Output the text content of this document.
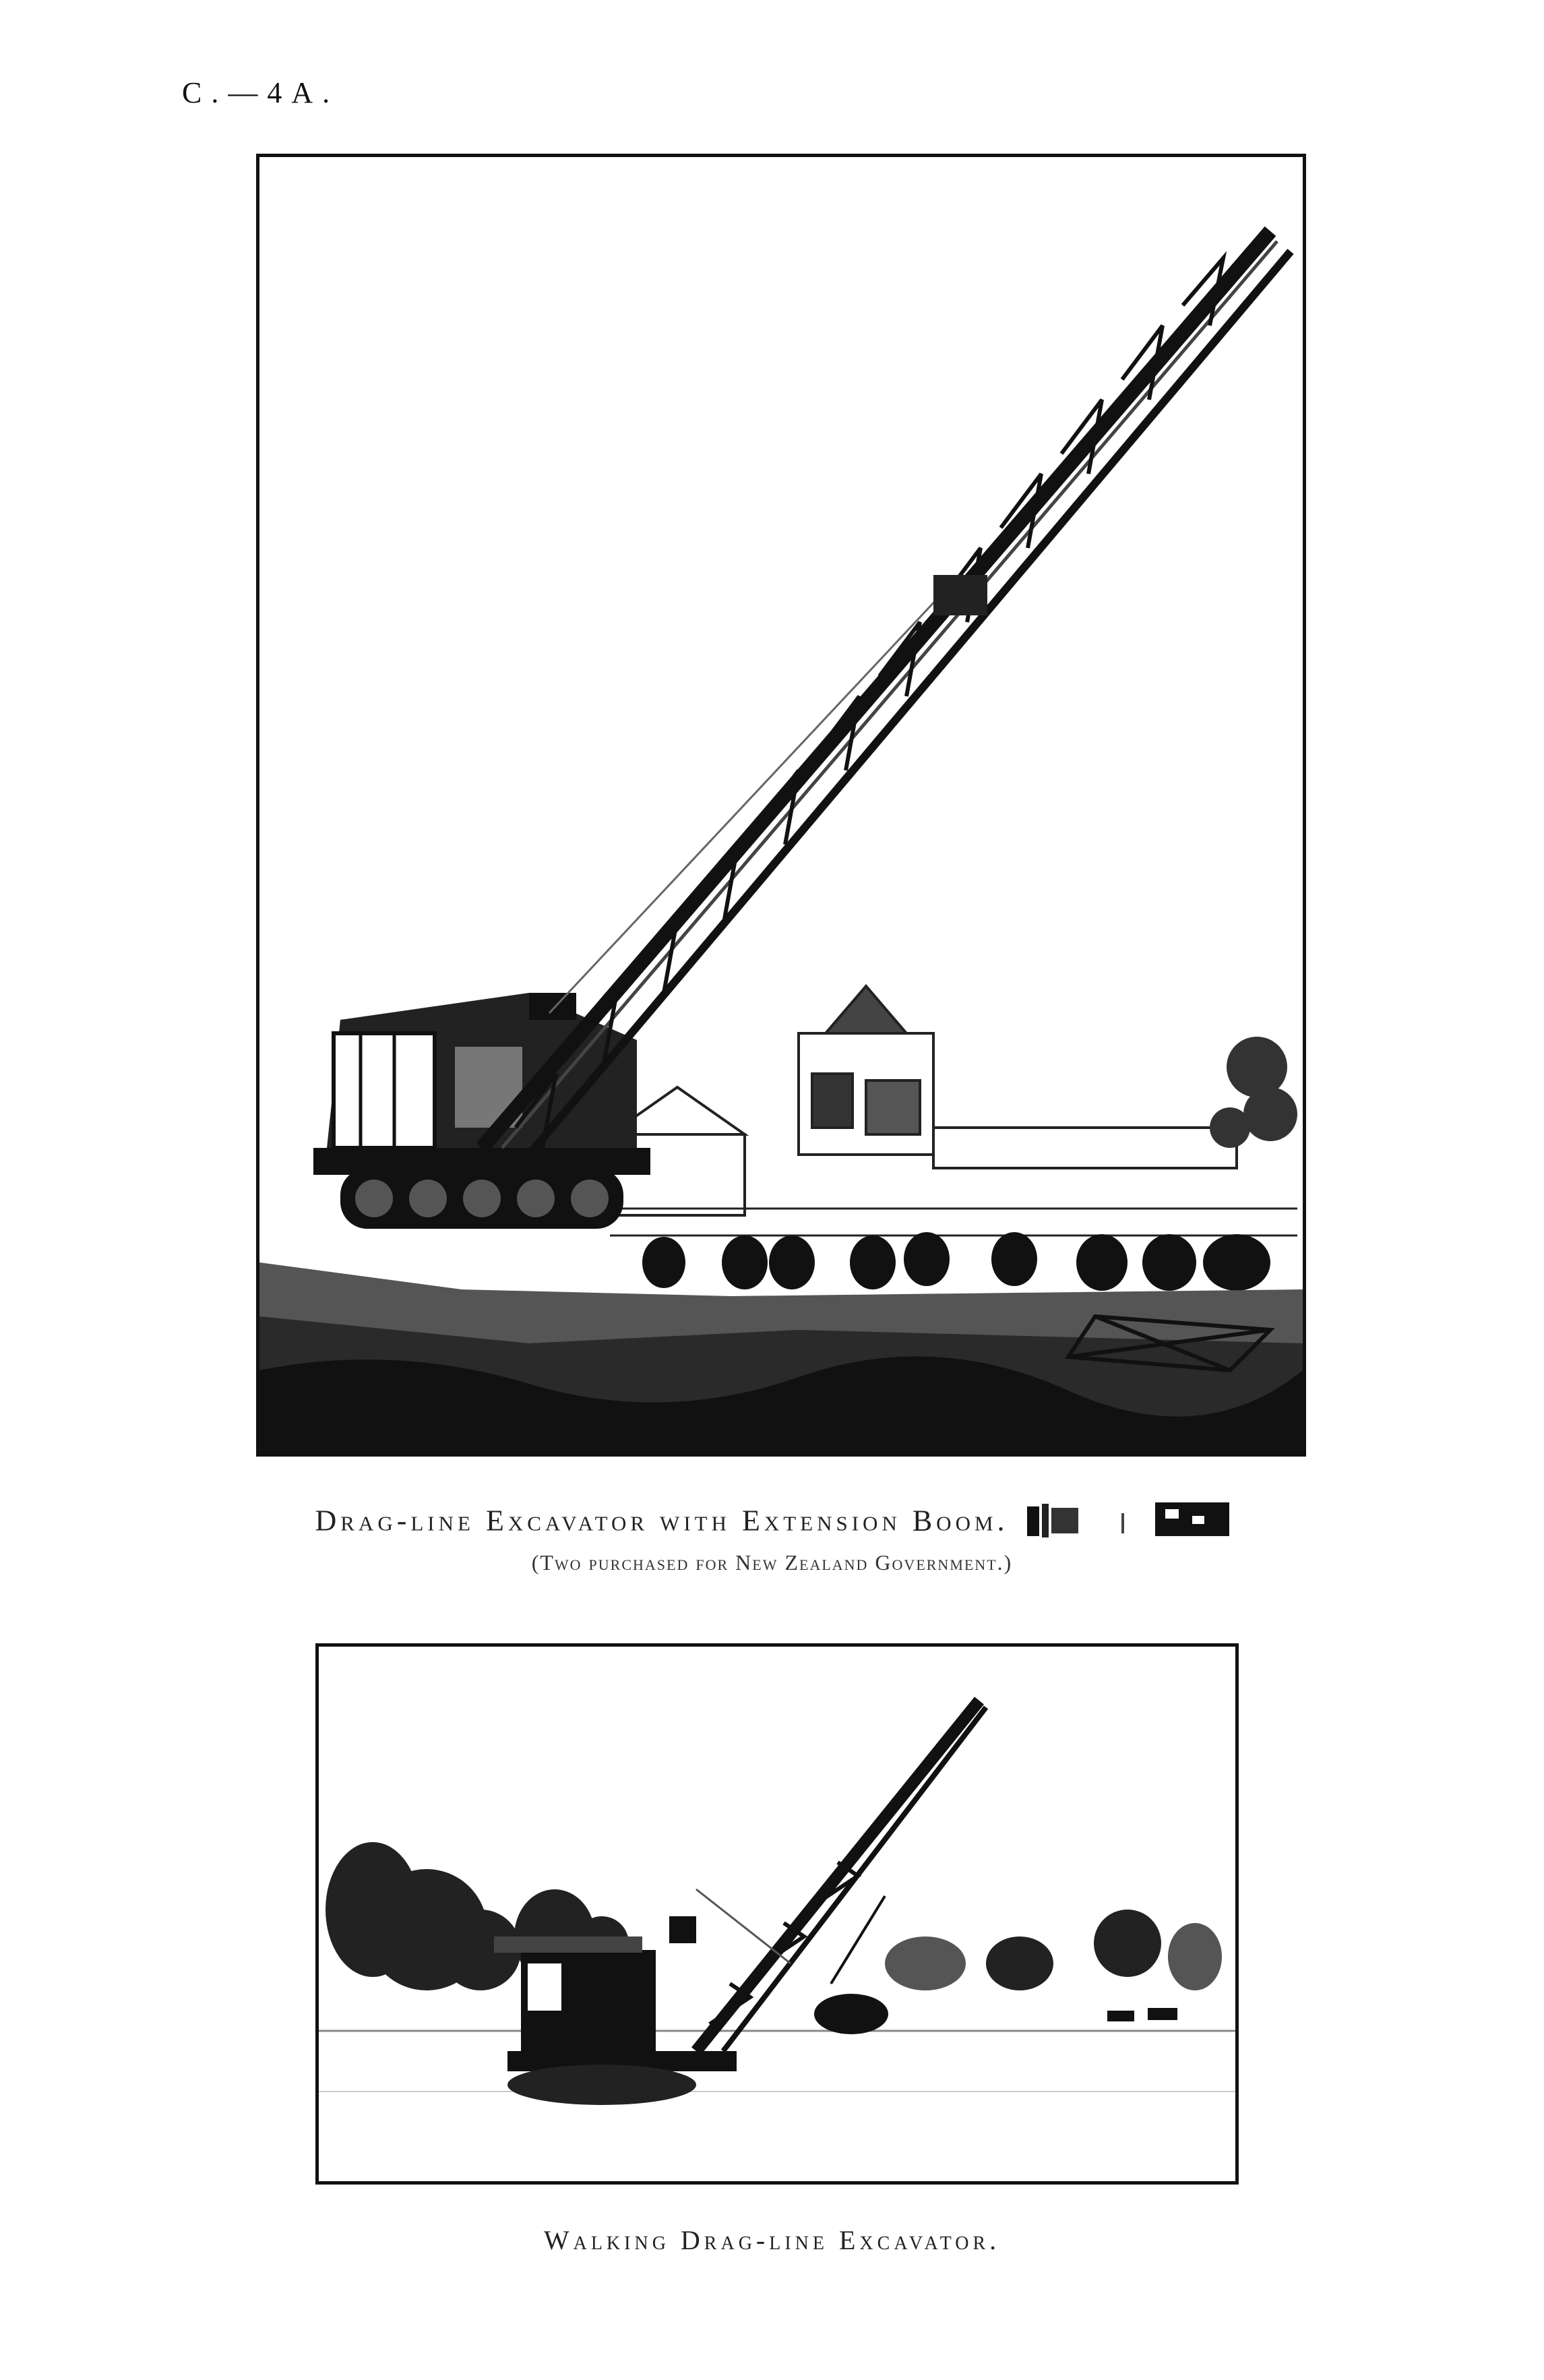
C.—4A.
Drag-line Excavator with Extension Boom.
(Two purchased for New Zealand Government.)
Walking Drag-line Excavator.
